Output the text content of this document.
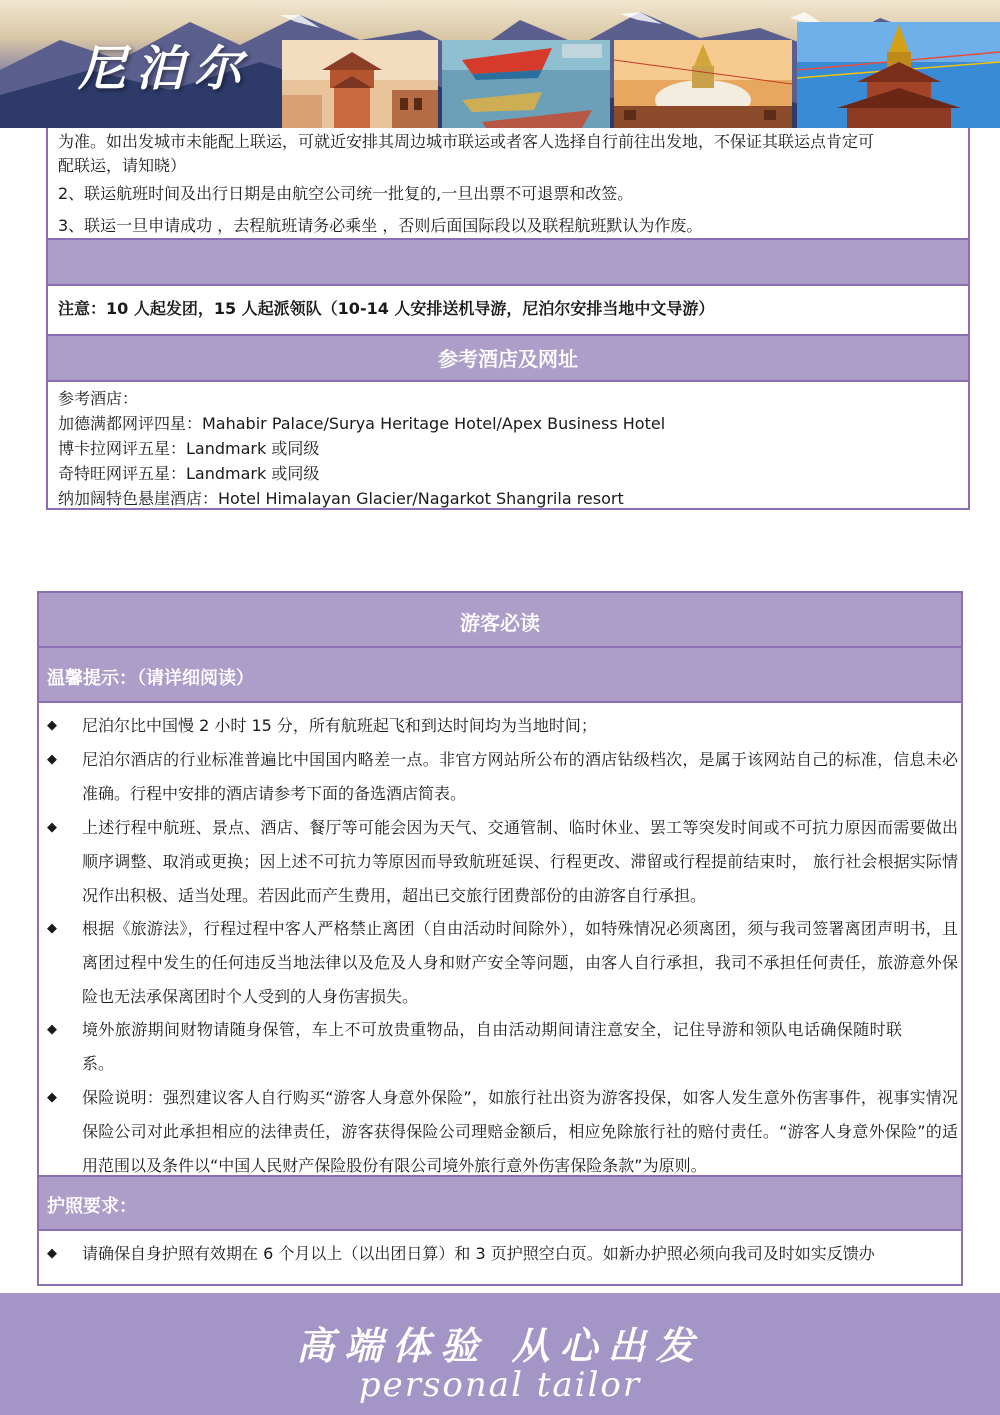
尼泊尔
为准。如出发城市未能配上联运，可就近安排其周边城市联运或者客人选择自行前往出发地，不保证其联运点肯定可
配联运，请知晓）
2、联运航班时间及出行日期是由航空公司统一批复的,一旦出票不可退票和改签。
3、联运一旦申请成功 ，去程航班请务必乘坐 ，否则后面国际段以及联程航班默认为作废。
注意：10 人起发团，15 人起派领队（10-14 人安排送机导游，尼泊尔安排当地中文导游）
参考酒店及网址
参考酒店：
加德满都网评四星：Mahabir Palace/Surya Heritage Hotel/Apex Business Hotel
博卡拉网评五星：Landmark 或同级
奇特旺网评五星：Landmark 或同级
纳加阔特色悬崖酒店：Hotel Himalayan Glacier/Nagarkot Shangrila resort
游客必读
温馨提示：（请详细阅读）
◆ 尼泊尔比中国慢 2 小时 15 分，所有航班起飞和到达时间均为当地时间；
◆ 尼泊尔酒店的行业标准普遍比中国国内略差一点。非官方网站所公布的酒店钻级档次，是属于该网站自己的标准，信息未必准确。行程中安排的酒店请参考下面的备选酒店简表。
◆ 上述行程中航班、景点、酒店、餐厅等可能会因为天气、交通管制、临时休业、罢工等突发时间或不可抗力原因而需要做出顺序调整、取消或更换；因上述不可抗力等原因而导致航班延误、行程更改、滞留或行程提前结束时， 旅行社会根据实际情况作出积极、适当处理。若因此而产生费用，超出已交旅行团费部份的由游客自行承担。
◆ 根据《旅游法》，行程过程中客人严格禁止离团（自由活动时间除外），如特殊情况必须离团，须与我司签署离团声明书，且离团过程中发生的任何违反当地法律以及危及人身和财产安全等问题，由客人自行承担，我司不承担任何责任，旅游意外保险也无法承保离团时个人受到的人身伤害损失。
◆ 境外旅游期间财物请随身保管，车上不可放贵重物品，自由活动期间请注意安全，记住导游和领队电话确保随时联系。
◆ 保险说明：强烈建议客人自行购买“游客人身意外保险”，如旅行社出资为游客投保，如客人发生意外伤害事件，视事实情况保险公司对此承担相应的法律责任，游客获得保险公司理赔金额后，相应免除旅行社的赔付责任。“游客人身意外保险”的适用范围以及条件以“中国人民财产保险股份有限公司境外旅行意外伤害保险条款”为原则。
护照要求：
◆ 请确保自身护照有效期在 6 个月以上（以出团日算）和 3 页护照空白页。如新办护照必须向我司及时如实反馈办
高端体验 从心出发
personal tailor
